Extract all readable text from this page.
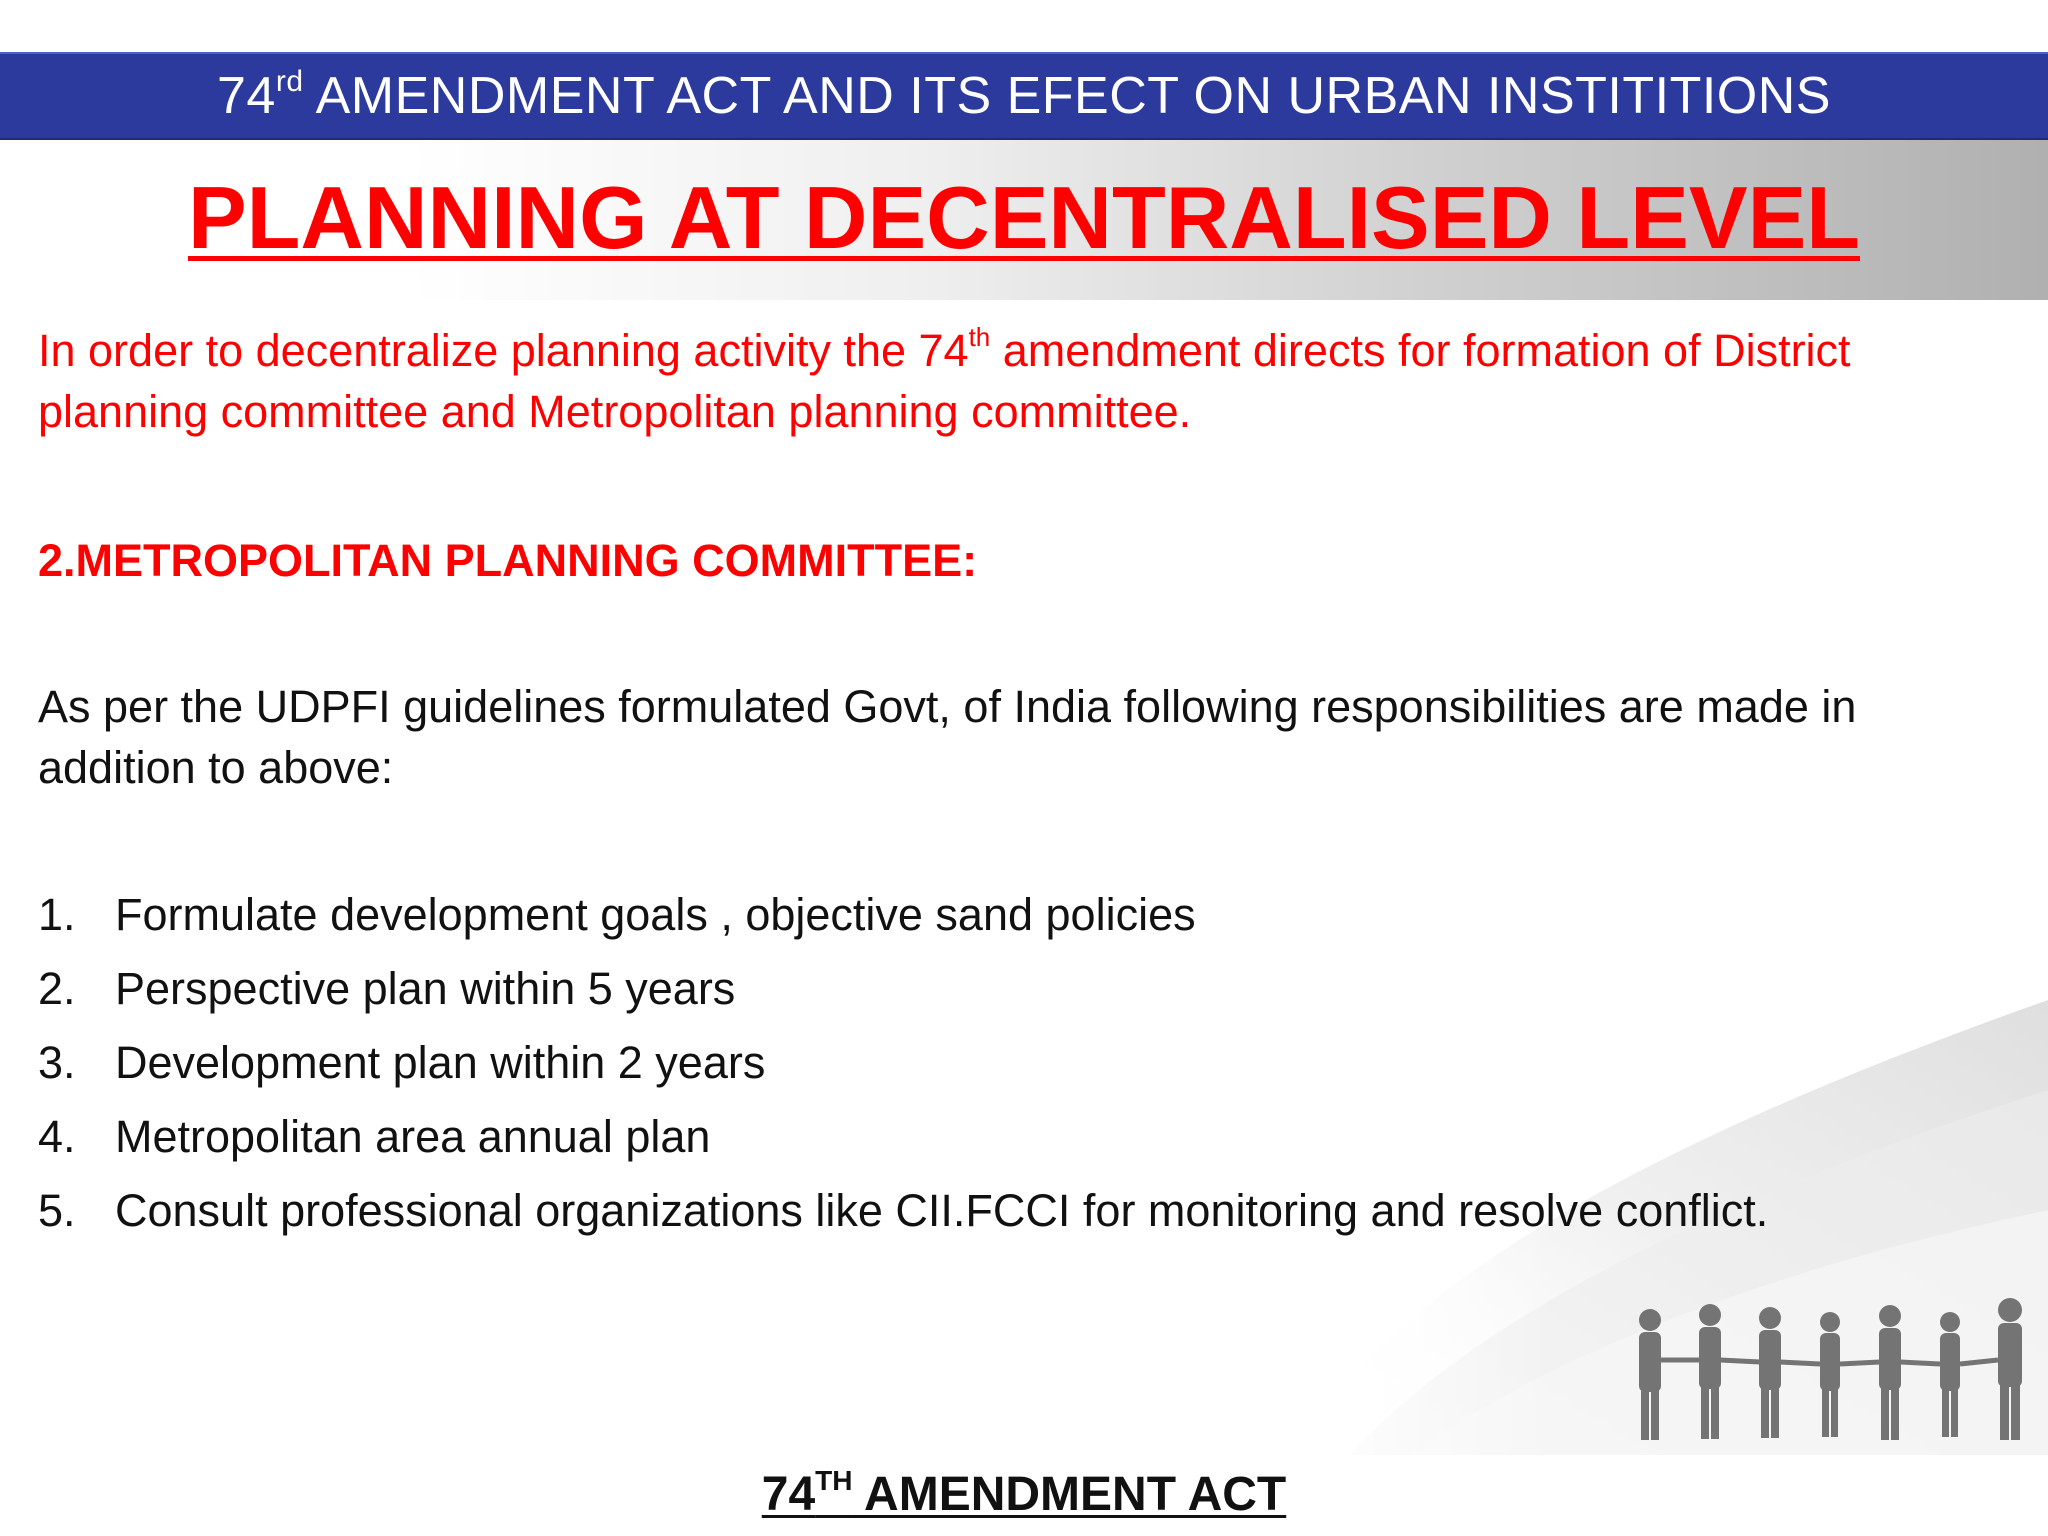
74rd AMENDMENT ACT AND ITS EFECT ON URBAN INSTITITIONS
PLANNING AT DECENTRALISED LEVEL
In order to decentralize planning activity the 74th amendment directs for formation of District planning committee and Metropolitan planning committee.
2.METROPOLITAN PLANNING COMMITTEE:
As per the UDPFI guidelines formulated Govt, of India following responsibilities are made in addition to above:
1. Formulate development goals , objective sand policies
2. Perspective plan within 5 years
3. Development plan within 2 years
4. Metropolitan area annual plan
5. Consult professional organizations like CII.FCCI for monitoring and resolve conflict.
74TH AMENDMENT ACT
